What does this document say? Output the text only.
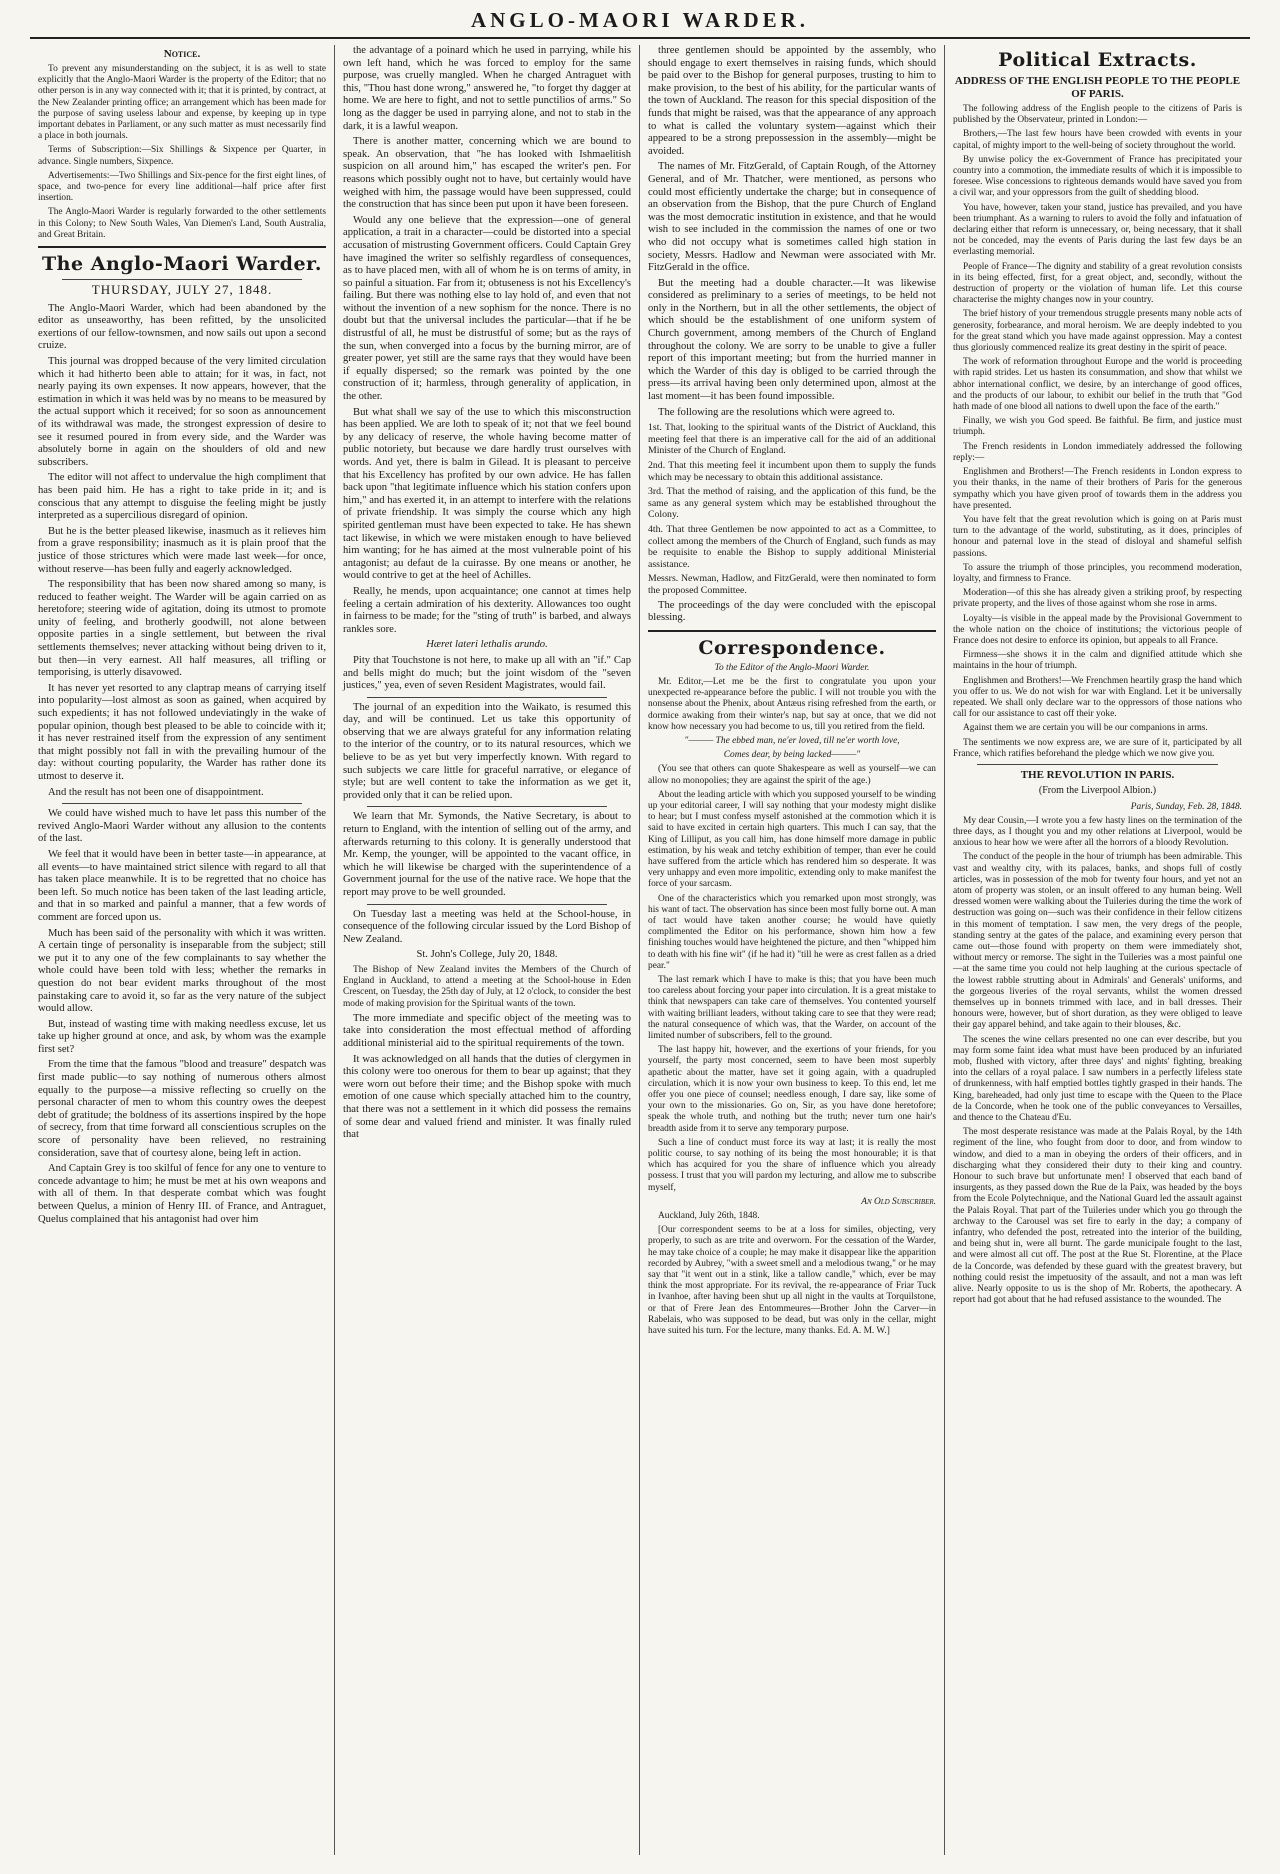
ANGLO-MAORI WARDER.
Notice.

To prevent any misunderstanding on the subject, it is as well to state explicitly that the Anglo-Maori Warder is the property of the Editor; that no other person is in any way connected with it; that it is printed, by contract, at the New Zealander printing office; an arrangement which has been made for the purpose of saving useless labour and expense, by keeping up in type important debates in Parliament, or any such matter as must necessarily find a place in both journals.

Terms of Subscription:—Six Shillings & Sixpence per Quarter, in advance. Single numbers, Sixpence.

Advertisements:—Two Shillings and Six-pence for the first eight lines, of space, and two-pence for every line additional—half price after first insertion.

The Anglo-Maori Warder is regularly forwarded to the other settlements in this Colony; to New South Wales, Van Diemen's Land, South Australia, and Great Britain.

The Anglo-Maori Warder.
THURSDAY, JULY 27, 1848.

The Anglo-Maori Warder, which had been abandoned by the editor as unseaworthy, has been refitted, by the unsolicited exertions of our fellow-townsmen, and now sails out upon a second cruize.

This journal was dropped because of the very limited circulation which it had hitherto been able to attain; for it was, in fact, not nearly paying its own expenses. It now appears, however, that the estimation in which it was held was by no means to be measured by the actual support which it received; for so soon as announcement of its withdrawal was made, the strongest expression of desire to see it resumed poured in from every side, and the Warder was absolutely borne in again on the shoulders of old and new subscribers.

The editor will not affect to undervalue the high compliment that has been paid him. He has a right to take pride in it; and is conscious that any attempt to disguise the feeling might be justly interpreted as a supercilious disregard of opinion.

But he is the better pleased likewise, inasmuch as it relieves him from a grave responsibility; inasmuch as it is plain proof that the justice of those strictures which were made last week—for once, without reserve—has been fully and eagerly acknowledged.

The responsibility that has been now shared among so many, is reduced to feather weight. The Warder will be again carried on as heretofore; steering wide of agitation, doing its utmost to promote unity of feeling, and brotherly goodwill, not alone between opposite parties in a single settlement, but between the rival settlements themselves; never attacking without being driven to it, but then—in very earnest. All half measures, all trifling or temporising, is utterly disavowed.

It has never yet resorted to any claptrap means of carrying itself into popularity—lost almost as soon as gained, when acquired by such expedients; it has not followed undeviatingly in the wake of popular opinion, though best pleased to be able to coincide with it; it has never restrained itself from the expression of any sentiment that might possibly not fall in with the prevailing humour of the day: without courting popularity, the Warder has rather done its utmost to deserve it.

And the result has not been one of disappointment.

We could have wished much to have let pass this number of the revived Anglo-Maori Warder without any allusion to the contents of the last.

We feel that it would have been in better taste—in appearance, at all events—to have maintained strict silence with regard to all that has taken place meanwhile. It is to be regretted that no choice has been left. So much notice has been taken of the last leading article, and that in so marked and painful a manner, that a few words of comment are forced upon us.

Much has been said of the personality with which it was written. A certain tinge of personality is inseparable from the subject; still we put it to any one of the few complainants to say whether the whole could have been told with less; whether the remarks in question do not bear evident marks throughout of the most painstaking care to avoid it, so far as the very nature of the subject would allow.

But, instead of wasting time with making needless excuse, let us take up higher ground at once, and ask, by whom was the example first set?

From the time that the famous "blood and treasure" despatch was first made public—to say nothing of numerous others almost equally to the purpose—a missive reflecting so cruelly on the personal character of men to whom this country owes the deepest debt of gratitude; the boldness of its assertions inspired by the hope of secrecy, from that time forward all conscientious scruples on the score of personality have been relieved, no restraining consideration, save that of courtesy alone, being left in action.

And Captain Grey is too skilful of fence for any one to venture to concede advantage to him; he must be met at his own weapons and with all of them. In that desperate combat which was fought between Quelus, a minion of Henry III. of France, and Antraguet, Quelus complained that his antagonist had over him

the advantage of a poinard which he used in parrying, while his own left hand, which he was forced to employ for the same purpose, was cruelly mangled. When he charged Antraguet with this, "Thou hast done wrong," answered he, "to forget thy dagger at home. We are here to fight, and not to settle punctilios of arms." So long as the dagger be used in parrying alone, and not to stab in the dark, it is a lawful weapon.

There is another matter, concerning which we are bound to speak. An observation, that "he has looked with Ishmaelitish suspicion on all around him," has escaped the writer's pen. For reasons which possibly ought not to have, but certainly would have weighed with him, the passage would have been suppressed, could the construction that has since been put upon it have been foreseen.

Would any one believe that the expression—one of general application, a trait in a character—could be distorted into a special accusation of mistrusting Government officers. Could Captain Grey have imagined the writer so selfishly regardless of consequences, as to have placed men, with all of whom he is on terms of amity, in so painful a situation. Far from it; obtuseness is not his Excellency's failing. But there was nothing else to lay hold of, and even that not without the invention of a new sophism for the nonce. There is no doubt but that the universal includes the particular—that if he be distrustful of all, he must be distrustful of some; but as the rays of the sun, when converged into a focus by the burning mirror, are of greater power, yet still are the same rays that they would have been if equally dispersed; so the remark was pointed by the one construction of it; harmless, through generality of application, in the other.

But what shall we say of the use to which this misconstruction has been applied. We are loth to speak of it; not that we feel bound by any delicacy of reserve, the whole having become matter of public notoriety, but because we dare hardly trust ourselves with words. And yet, there is balm in Gilead. It is pleasant to perceive that his Excellency has profited by our own advice. He has fallen back upon "that legitimate influence which his station confers upon him," and has exerted it, in an attempt to interfere with the relations of private friendship. It was simply the course which any high spirited gentleman must have been expected to take. He has shewn tact likewise, in which we were mistaken enough to have believed him wanting; for he has aimed at the most vulnerable point of his antagonist; au defaut de la cuirasse. By one means or another, he would contrive to get at the heel of Achilles.

Really, he mends, upon acquaintance; one cannot at times help feeling a certain admiration of his dexterity. Allowances too ought in fairness to be made; for the "sting of truth" is barbed, and always rankles sore.

Hæret lateri lethalis arundo.

Pity that Touchstone is not here, to make up all with an "if." Cap and bells might do much; but the joint wisdom of the "seven justices," yea, even of seven Resident Magistrates, would fail.

The journal of an expedition into the Waikato, is resumed this day, and will be continued. Let us take this opportunity of observing that we are always grateful for any information relating to the interior of the country, or to its natural resources, which we believe to be as yet but very imperfectly known. With regard to such subjects we care little for graceful narrative, or elegance of style; but are well content to take the information as we get it, provided only that it can be relied upon.

We learn that Mr. Symonds, the Native Secretary, is about to return to England, with the intention of selling out of the army, and afterwards returning to this colony. It is generally understood that Mr. Kemp, the younger, will be appointed to the vacant office, in which he will likewise be charged with the superintendence of a Government journal for the use of the native race. We hope that the report may prove to be well grounded.

On Tuesday last a meeting was held at the School-house, in consequence of the following circular issued by the Lord Bishop of New Zealand.

St. John's College, July 20, 1848.

The Bishop of New Zealand invites the Members of the Church of England in Auckland, to attend a meeting at the School-house in Eden Crescent, on Tuesday, the 25th day of July, at 12 o'clock, to consider the best mode of making provision for the Spiritual wants of the town.

The more immediate and specific object of the meeting was to take into consideration the most effectual method of affording additional ministerial aid to the spiritual requirements of the town.

It was acknowledged on all hands that the duties of clergymen in this colony were too onerous for them to bear up against; that they were worn out before their time; and the Bishop spoke with much emotion of one cause which specially attached him to the country, that there was not a settlement in it which did possess the remains of some dear and valued friend and minister. It was finally ruled that

three gentlemen should be appointed by the assembly, who should engage to exert themselves in raising funds, which should be paid over to the Bishop for general purposes, trusting to him to make provision, to the best of his ability, for the particular wants of the town of Auckland. The reason for this special disposition of the funds that might be raised, was that the appearance of any approach to what is called the voluntary system—against which their appeared to be a strong prepossession in the assembly—might be avoided.

The names of Mr. FitzGerald, of Captain Rough, of the Attorney General, and of Mr. Thatcher, were mentioned, as persons who could most efficiently undertake the charge; but in consequence of an observation from the Bishop, that the pure Church of England was the most democratic institution in existence, and that he would wish to see included in the commission the names of one or two who did not occupy what is sometimes called high station in society, Messrs. Hadlow and Newman were associated with Mr. FitzGerald in the office.

But the meeting had a double character.—It was likewise considered as preliminary to a series of meetings, to be held not only in the Northern, but in all the other settlements, the object of which should be the establishment of one uniform system of Church government, among members of the Church of England throughout the colony. We are sorry to be unable to give a fuller report of this important meeting; but from the hurried manner in which the Warder of this day is obliged to be carried through the press—its arrival having been only determined upon, almost at the last moment—it has been found impossible.

The following are the resolutions which were agreed to.

1st. That, looking to the spiritual wants of the District of Auckland, this meeting feel that there is an imperative call for the aid of an additional Minister of the Church of England.

2nd. That this meeting feel it incumbent upon them to supply the funds which may be necessary to obtain this additional assistance.

3rd. That the method of raising, and the application of this fund, be the same as any general system which may be established throughout the Colony.

4th. That three Gentlemen be now appointed to act as a Committee, to collect among the members of the Church of England, such funds as may be requisite to enable the Bishop to supply additional Ministerial assistance.

Messrs. Newman, Hadlow, and FitzGerald, were then nominated to form the proposed Committee.

The proceedings of the day were concluded with the episcopal blessing.

Correspondence.

To the Editor of the Anglo-Maori Warder.

Mr. Editor,—Let me be the first to congratulate you upon your unexpected re-appearance before the public. I will not trouble you with the nonsense about the Phenix, about Antæus rising refreshed from the earth, or dormice awaking from their winter's nap, but say at once, that we did not know how necessary you had become to us, till you retired from the field.

"——— The ebbed man, ne'er loved, till ne'er worth love,

Comes dear, by being lacked———"

(You see that others can quote Shakespeare as well as yourself—we can allow no monopolies; they are against the spirit of the age.)

About the leading article with which you supposed yourself to be winding up your editorial career, I will say nothing that your modesty might dislike to hear; but I must confess myself astonished at the commotion which it is said to have excited in certain high quarters. This much I can say, that the King of Lilliput, as you call him, has done himself more damage in public estimation, by his weak and tetchy exhibition of temper, than ever he could have suffered from the article which has rendered him so desperate. It was very unhappy and even more impolitic, extending only to make manifest the force of your sarcasm.

One of the characteristics which you remarked upon most strongly, was his want of tact. The observation has since been most fully borne out. A man of tact would have taken another course; he would have quietly complimented the Editor on his performance, shown him how a few finishing touches would have heightened the picture, and then "whipped him to death with his fine wit" (if he had it) "till he were as crest fallen as a dried pear."

The last remark which I have to make is this; that you have been much too careless about forcing your paper into circulation. It is a great mistake to think that newspapers can take care of themselves. You contented yourself with waiting brilliant leaders, without taking care to see that they were read; the natural consequence of which was, that the Warder, on account of the limited number of subscribers, fell to the ground.

The last happy hit, however, and the exertions of your friends, for you yourself, the party most concerned, seem to have been most superbly apathetic about the matter, have set it going again, with a quadrupled circulation, which it is now your own business to keep. To this end, let me offer you one piece of counsel; needless enough, I dare say, like some of your own to the missionaries. Go on, Sir, as you have done heretofore; speak the whole truth, and nothing but the truth; never turn one hair's breadth aside from it to serve any temporary purpose.

Such a line of conduct must force its way at last; it is really the most politic course, to say nothing of its being the most honourable; it is that which has acquired for you the share of influence which you already possess. I trust that you will pardon my lecturing, and allow me to subscribe myself,

An Old Subscriber.

Auckland, July 26th, 1848.

[Our correspondent seems to be at a loss for similes, objecting, very properly, to such as are trite and overworn. For the cessation of the Warder, he may take choice of a couple; he may make it disappear like the apparition recorded by Aubrey, "with a sweet smell and a melodious twang," or he may say that "it went out in a stink, like a tallow candle," which, ever be may think the most appropriate. For its revival, the re-appearance of Friar Tuck in Ivanhoe, after having been shut up all night in the vaults at Torquilstone, or that of Frere Jean des Entommeures—Brother John the Carver—in Rabelais, who was supposed to be dead, but was only in the cellar, might have suited his turn. For the lecture, many thanks. Ed. A. M. W.]

Political Extracts.
ADDRESS OF THE ENGLISH PEOPLE TO THE PEOPLE OF PARIS.

The following address of the English people to the citizens of Paris is published by the Observateur, printed in London:—

Brothers,—The last few hours have been crowded with events in your capital, of mighty import to the well-being of society throughout the world.

By unwise policy the ex-Government of France has precipitated your country into a commotion, the immediate results of which it is impossible to foresee. Wise concessions to righteous demands would have saved you from a civil war, and your oppressors from the guilt of shedding blood.

You have, however, taken your stand, justice has prevailed, and you have been triumphant. As a warning to rulers to avoid the folly and infatuation of declaring either that reform is unnecessary, or, being necessary, that it shall not be conceded, may the events of Paris during the last few days be an everlasting memorial.

People of France—The dignity and stability of a great revolution consists in its being effected, first, for a great object, and, secondly, without the destruction of property or the violation of human life. Let this course characterise the mighty changes now in your country.

The brief history of your tremendous struggle presents many noble acts of generosity, forbearance, and moral heroism. We are deeply indebted to you for the great stand which you have made against oppression. May a contest thus gloriously commenced realize its great destiny in the spirit of peace.

The work of reformation throughout Europe and the world is proceeding with rapid strides. Let us hasten its consummation, and show that whilst we abhor international conflict, we desire, by an interchange of good offices, and the products of our labour, to exhibit our belief in the truth that "God hath made of one blood all nations to dwell upon the face of the earth."

Finally, we wish you God speed. Be faithful. Be firm, and justice must triumph.

The French residents in London immediately addressed the following reply:—

Englishmen and Brothers!—The French residents in London express to you their thanks, in the name of their brothers of Paris for the generous sympathy which you have given proof of towards them in the address you have presented.

You have felt that the great revolution which is going on at Paris must turn to the advantage of the world, substituting, as it does, principles of honour and paternal love in the stead of disloyal and shameful selfish passions.

To assure the triumph of those principles, you recommend moderation, loyalty, and firmness to France.

Moderation—of this she has already given a striking proof, by respecting private property, and the lives of those against whom she rose in arms.

Loyalty—is visible in the appeal made by the Provisional Government to the whole nation on the choice of institutions; the victorious people of France does not desire to enforce its opinion, but appeals to all France.

Firmness—she shows it in the calm and dignified attitude which she maintains in the hour of triumph.

Englishmen and Brothers!—We Frenchmen heartily grasp the hand which you offer to us. We do not wish for war with England. Let it be universally repeated. We shall only declare war to the oppressors of those nations who call for our assistance to cast off their yoke.

Against them we are certain you will be our companions in arms.

The sentiments we now express are, we are sure of it, participated by all France, which ratifies beforehand the pledge which we now give you.

THE REVOLUTION IN PARIS.
(From the Liverpool Albion.)

Paris, Sunday, Feb. 28, 1848.

My dear Cousin,—I wrote you a few hasty lines on the termination of the three days, as I thought you and my other relations at Liverpool, would be anxious to hear how we were after all the horrors of a bloody Revolution.

The conduct of the people in the hour of triumph has been admirable. This vast and wealthy city, with its palaces, banks, and shops full of costly articles, was in possession of the mob for twenty four hours, and yet not an atom of property was stolen, or an insult offered to any human being. Well dressed women were walking about the Tuileries during the time the work of destruction was going on—such was their confidence in their fellow citizens in this moment of temptation. I saw men, the very dregs of the people, standing sentry at the gates of the palace, and examining every person that came out—those found with property on them were immediately shot, without mercy or remorse. The sight in the Tuileries was a most painful one—at the same time you could not help laughing at the curious spectacle of the lowest rabble strutting about in Admirals' and Generals' uniforms, and the gorgeous liveries of the royal servants, whilst the women dressed themselves up in bonnets trimmed with lace, and in ball dresses. Their honours were, however, but of short duration, as they were obliged to leave their gay apparel behind, and take again to their blouses, &c.

The scenes the wine cellars presented no one can ever describe, but you may form some faint idea what must have been produced by an infuriated mob, flushed with victory, after three days' and nights' fighting, breaking into the cellars of a royal palace. I saw numbers in a perfectly lifeless state of drunkenness, with half emptied bottles tightly grasped in their hands. The King, bareheaded, had only just time to escape with the Queen to the Place de la Concorde, when he took one of the public conveyances to Versailles, and thence to the Chateau d'Eu.

The most desperate resistance was made at the Palais Royal, by the 14th regiment of the line, who fought from door to door, and from window to window, and died to a man in obeying the orders of their officers, and in discharging what they considered their duty to their king and country. Honour to such brave but unfortunate men! I observed that each band of insurgents, as they passed down the Rue de la Paix, was headed by the boys from the Ecole Polytechnique, and the National Guard led the assault against the Palais Royal. That part of the Tuileries under which you go through the archway to the Carousel was set fire to early in the day; a company of infantry, who defended the post, retreated into the interior of the building, and being shut in, were all burnt. The garde municipale fought to the last, and were almost all cut off. The post at the Rue St. Florentine, at the Place de la Concorde, was defended by these guard with the greatest bravery, but nothing could resist the impetuosity of the assault, and not a man was left alive. Nearly opposite to us is the shop of Mr. Roberts, the apothecary. A report had got about that he had refused assistance to the wounded. The
